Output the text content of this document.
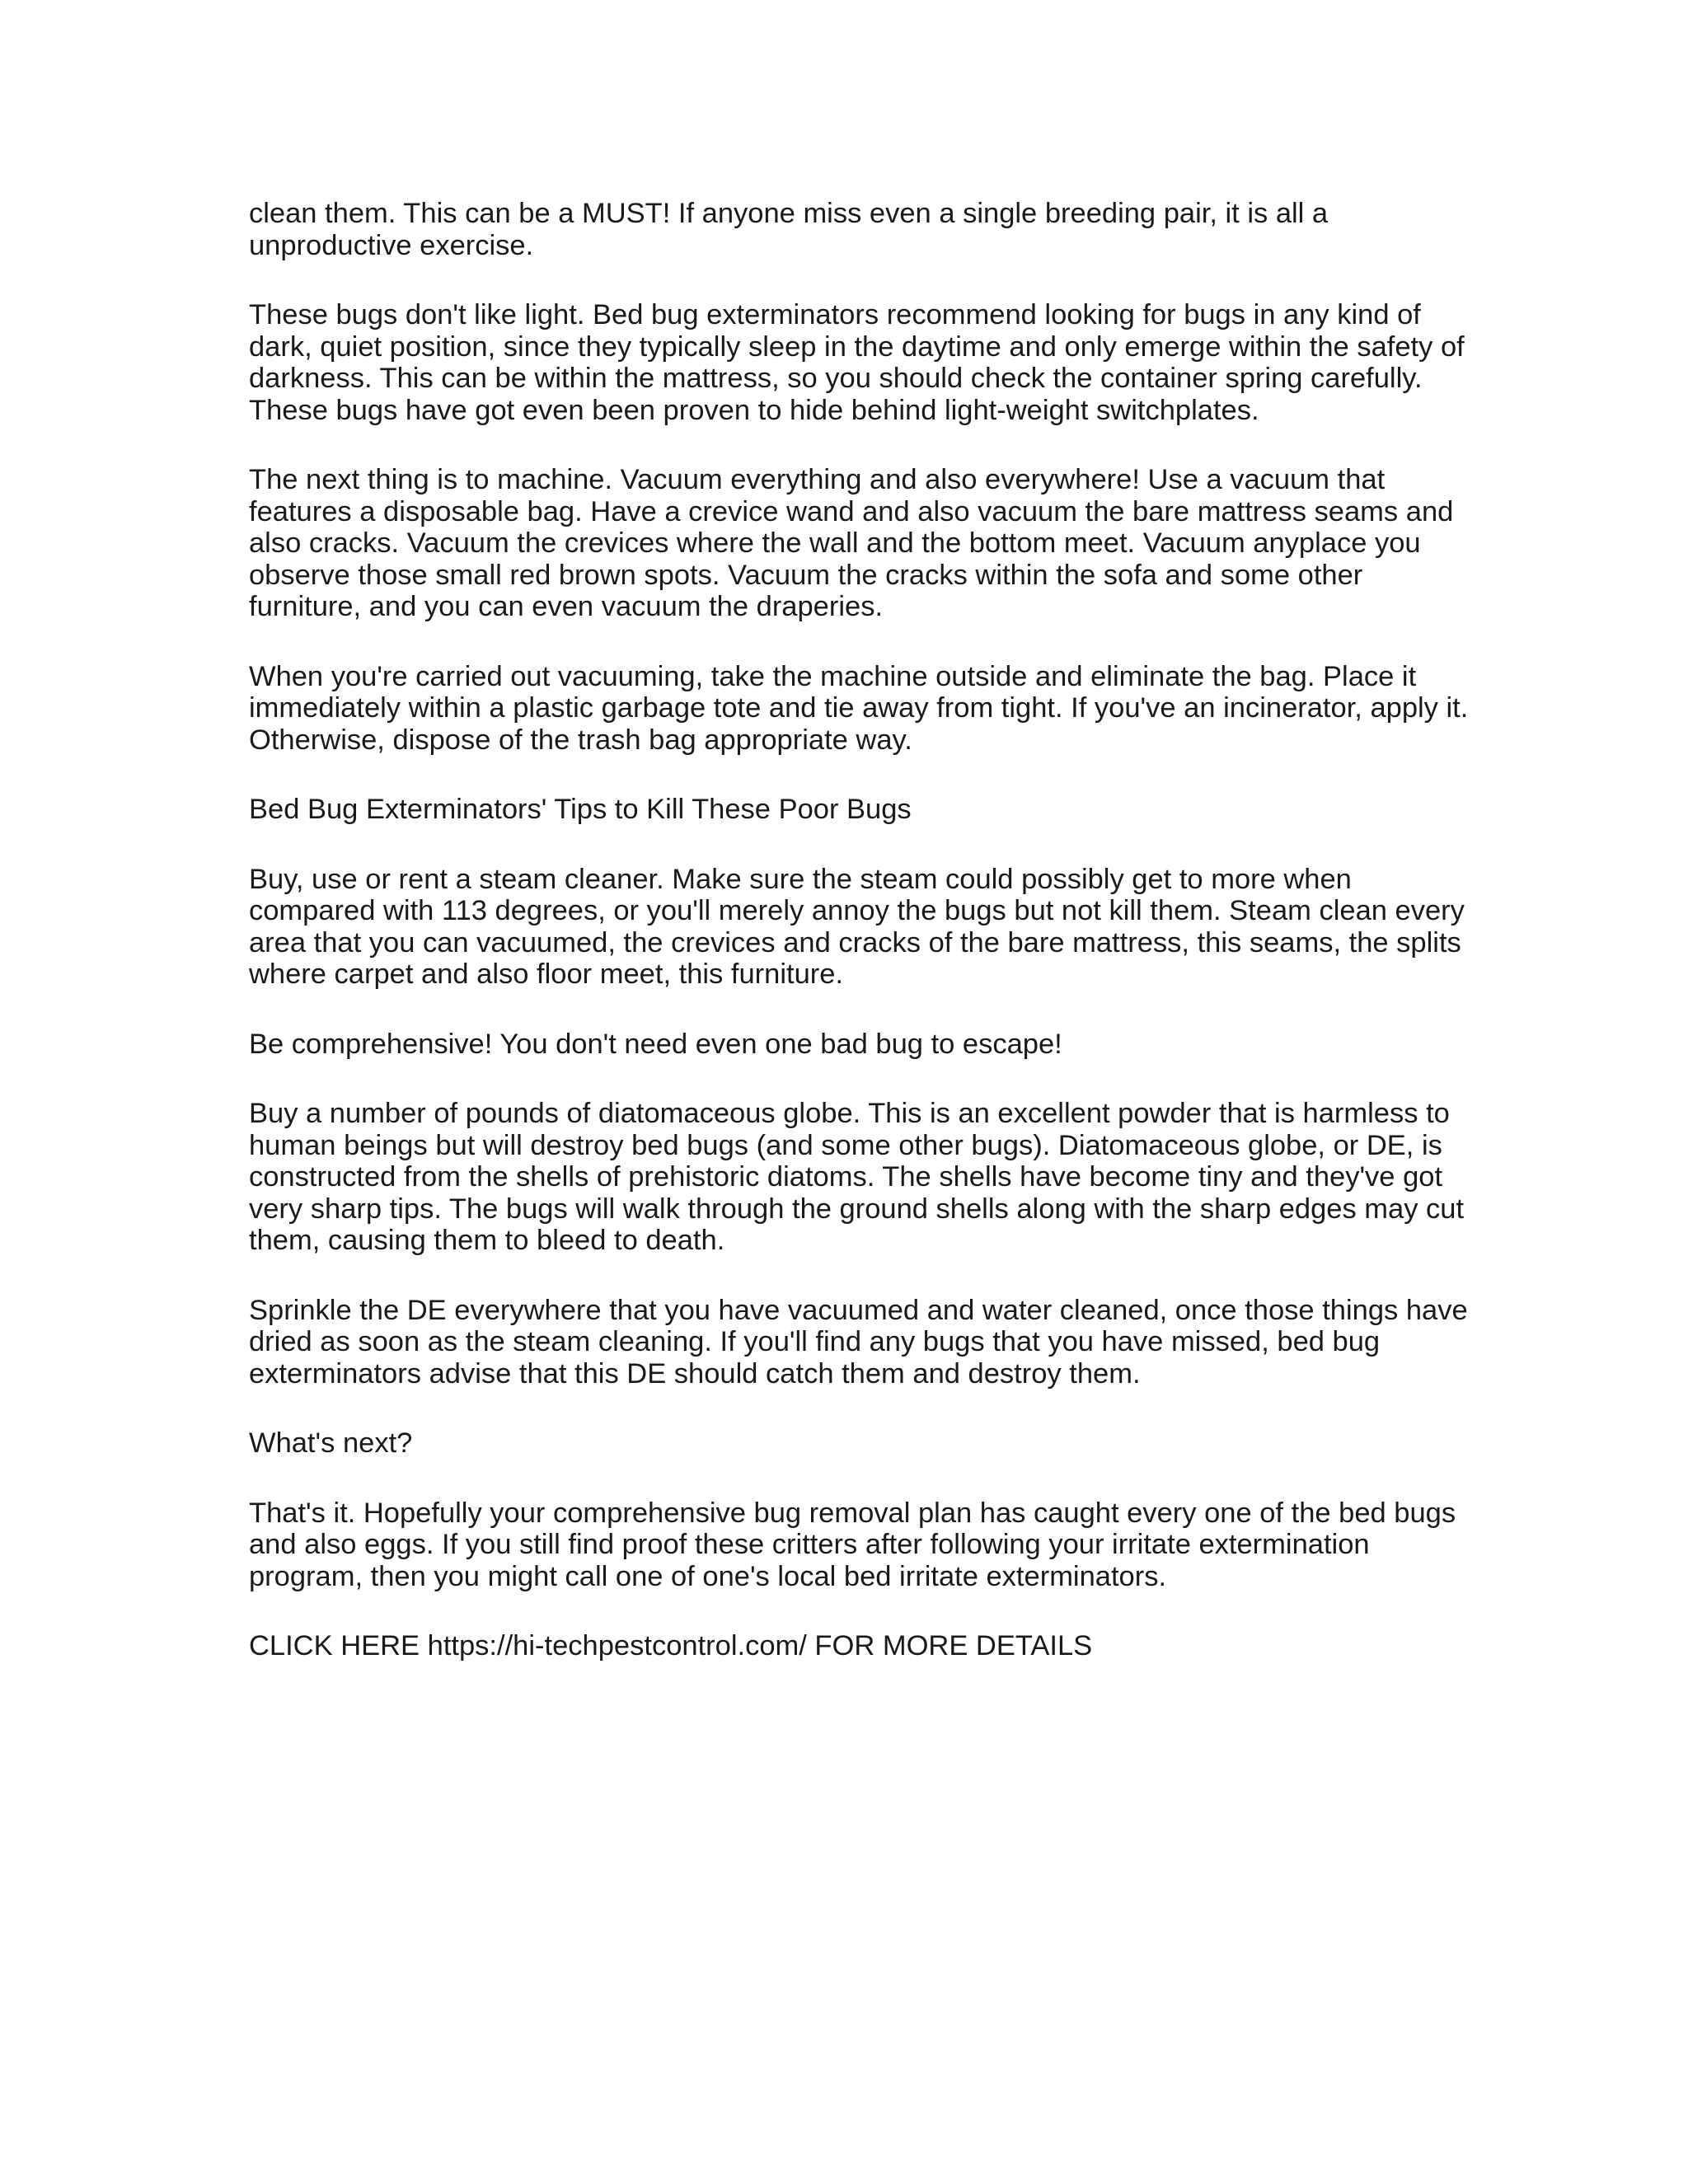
clean them. This can be a MUST! If anyone miss even a single breeding pair, it is all a
unproductive exercise.

These bugs don't like light. Bed bug exterminators recommend looking for bugs in any kind of
dark, quiet position, since they typically sleep in the daytime and only emerge within the safety of
darkness. This can be within the mattress, so you should check the container spring carefully.
These bugs have got even been proven to hide behind light-weight switchplates.

The next thing is to machine. Vacuum everything and also everywhere! Use a vacuum that
features a disposable bag. Have a crevice wand and also vacuum the bare mattress seams and
also cracks. Vacuum the crevices where the wall and the bottom meet. Vacuum anyplace you
observe those small red brown spots. Vacuum the cracks within the sofa and some other
furniture, and you can even vacuum the draperies.

When you're carried out vacuuming, take the machine outside and eliminate the bag. Place it
immediately within a plastic garbage tote and tie away from tight. If you've an incinerator, apply it.
Otherwise, dispose of the trash bag appropriate way.

Bed Bug Exterminators' Tips to Kill These Poor Bugs

Buy, use or rent a steam cleaner. Make sure the steam could possibly get to more when
compared with 113 degrees, or you'll merely annoy the bugs but not kill them. Steam clean every
area that you can vacuumed, the crevices and cracks of the bare mattress, this seams, the splits
where carpet and also floor meet, this furniture.

Be comprehensive! You don't need even one bad bug to escape!

Buy a number of pounds of diatomaceous globe. This is an excellent powder that is harmless to
human beings but will destroy bed bugs (and some other bugs). Diatomaceous globe, or DE, is
constructed from the shells of prehistoric diatoms. The shells have become tiny and they've got
very sharp tips. The bugs will walk through the ground shells along with the sharp edges may cut
them, causing them to bleed to death.

Sprinkle the DE everywhere that you have vacuumed and water cleaned, once those things have
dried as soon as the steam cleaning. If you'll find any bugs that you have missed, bed bug
exterminators advise that this DE should catch them and destroy them.

What's next?

That's it. Hopefully your comprehensive bug removal plan has caught every one of the bed bugs
and also eggs. If you still find proof these critters after following your irritate extermination
program, then you might call one of one's local bed irritate exterminators.

CLICK HERE https://hi-techpestcontrol.com/ FOR MORE DETAILS
